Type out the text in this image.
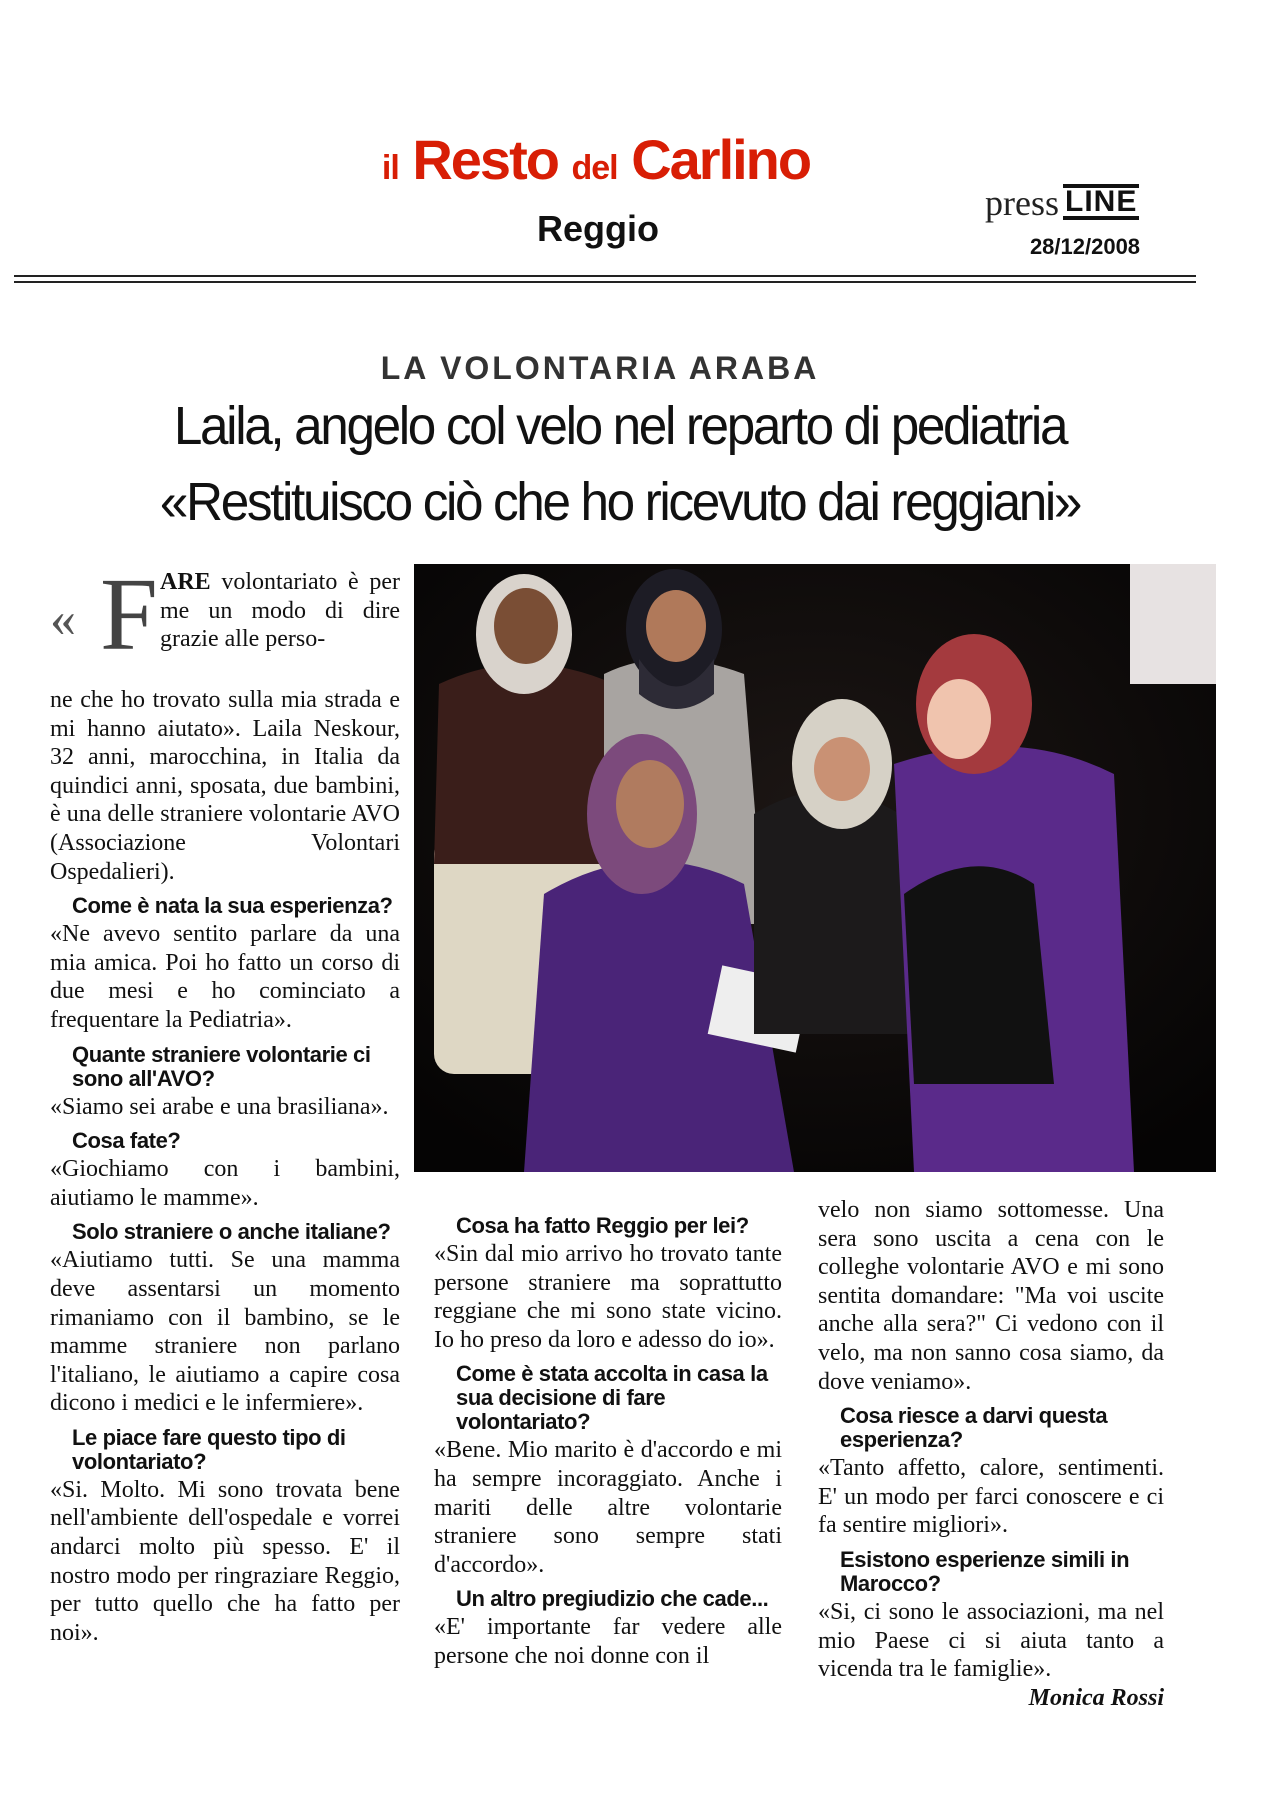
il Resto del Carlino
Reggio
press LINE
28/12/2008
LA VOLONTARIA ARABA
Laila, angelo col velo nel reparto di pediatria
«Restituisco ciò che ho ricevuto dai reggiani»
« F ARE volontariato è per me un modo di dire grazie alle perso-

ne che ho trovato sulla mia strada e mi hanno aiutato». Laila Neskour, 32 anni, marocchina, in Italia da quindici anni, sposata, due bambini, è una delle straniere volontarie AVO (Associazione Volontari Ospedalieri).

Come è nata la sua esperienza?

«Ne avevo sentito parlare da una mia amica. Poi ho fatto un corso di due mesi e ho cominciato a frequentare la Pediatria».

Quante straniere volontarie ci sono all'AVO?

«Siamo sei arabe e una brasiliana».

Cosa fate?

«Giochiamo con i bambini, aiutiamo le mamme».

Solo straniere o anche italiane?

«Aiutiamo tutti. Se una mamma deve assentarsi un momento rimaniamo con il bambino, se le mamme straniere non parlano l'italiano, le aiutiamo a capire cosa dicono i medici e le infermiere».

Le piace fare questo tipo di volontariato?

«Si. Molto. Mi sono trovata bene nell'ambiente dell'ospedale e vorrei andarci molto più spesso. E' il nostro modo per ringraziare Reggio, per tutto quello che ha fatto per noi».

Cosa ha fatto Reggio per lei?

«Sin dal mio arrivo ho trovato tante persone straniere ma soprattutto reggiane che mi sono state vicino. Io ho preso da loro e adesso do io».

Come è stata accolta in casa la sua decisione di fare volontariato?

«Bene. Mio marito è d'accordo e mi ha sempre incoraggiato. Anche i mariti delle altre volontarie straniere sono sempre stati d'accordo».

Un altro pregiudizio che cade...

«E' importante far vedere alle persone che noi donne con il

velo non siamo sottomesse. Una sera sono uscita a cena con le colleghe volontarie AVO e mi sono sentita domandare: "Ma voi uscite anche alla sera?" Ci vedono con il velo, ma non sanno cosa siamo, da dove veniamo».

Cosa riesce a darvi questa esperienza?

«Tanto affetto, calore, sentimenti. E' un modo per farci conoscere e ci fa sentire migliori».

Esistono esperienze simili in Marocco?

«Si, ci sono le associazioni, ma nel mio Paese ci si aiuta tanto a vicenda tra le famiglie».

Monica Rossi
